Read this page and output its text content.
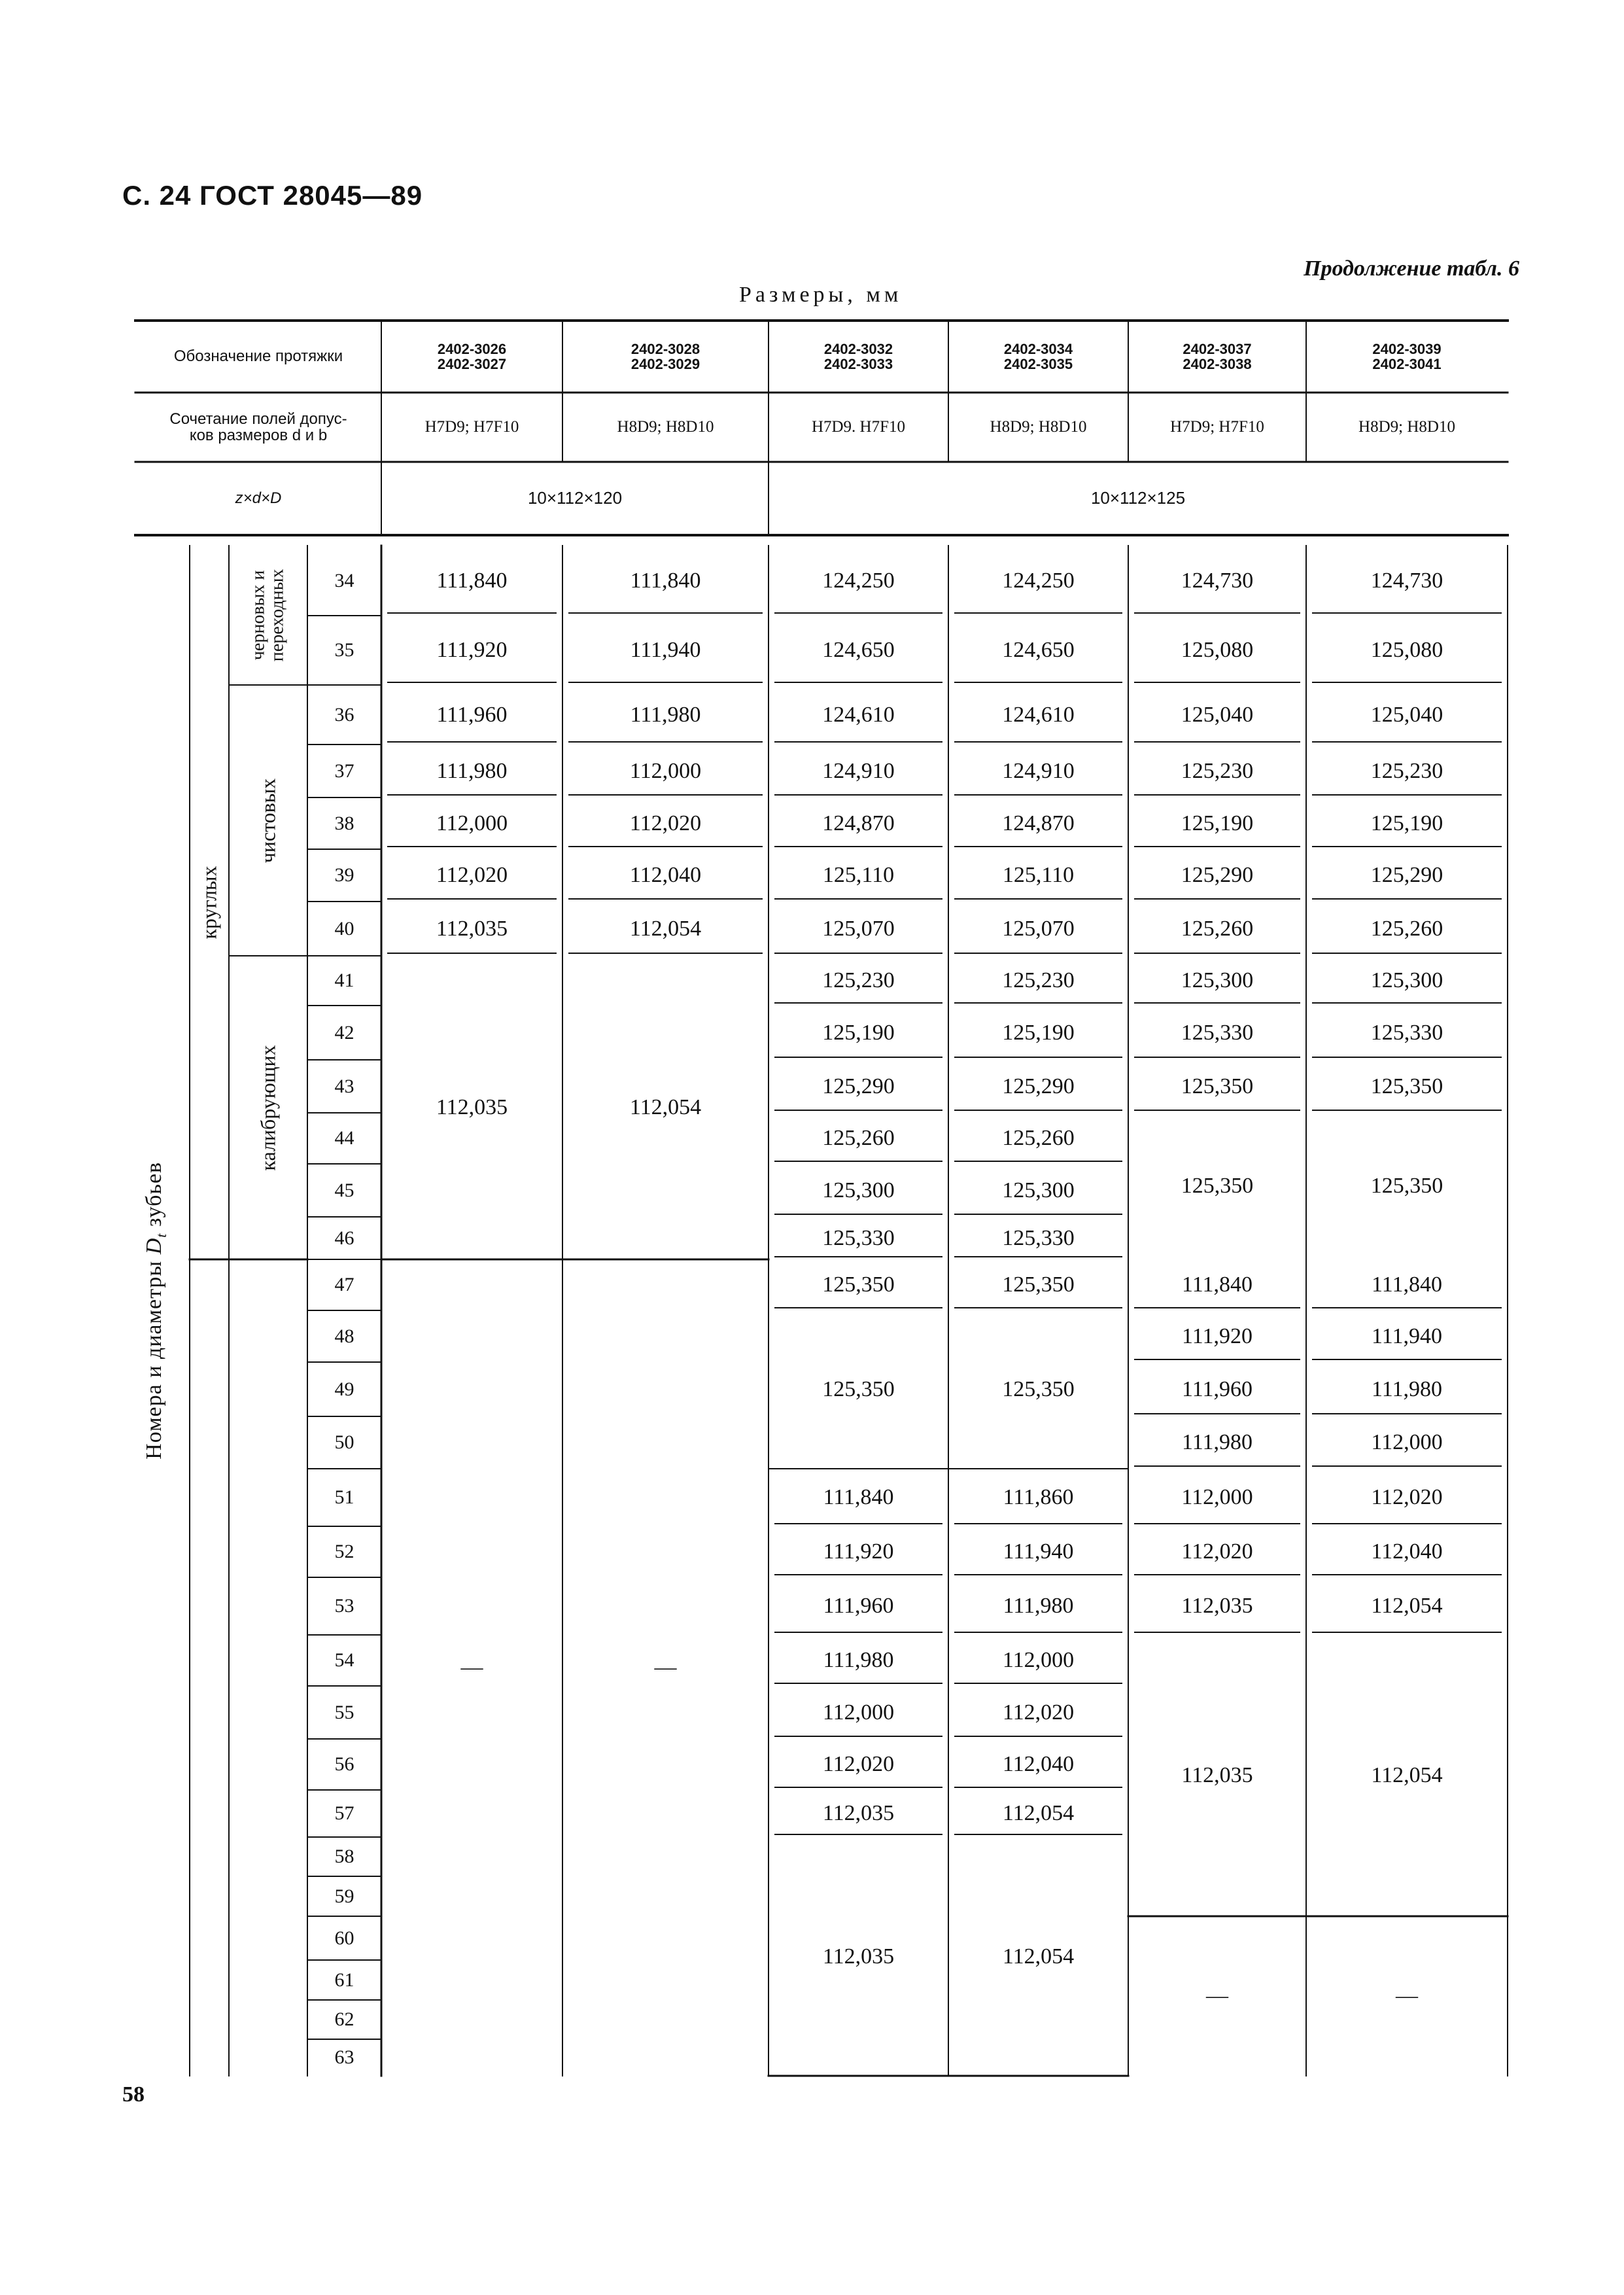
С. 24 ГОСТ 28045—89
Продолжение табл. 6
Размеры, мм
58
Обозначение протяжки
Сочетание полей допус-
ков размеров d и b
z×d×D
2402-3026
2402-3027
H7D9; H7F10
2402-3028
2402-3029
H8D9; H8D10
2402-3032
2402-3033
H7D9. H7F10
2402-3034
2402-3035
H8D9; H8D10
2402-3037
2402-3038
H7D9; H7F10
2402-3039
2402-3041
H8D9; H8D10
10×112×120	10×112×125
Номера и диаметры $D_t$ зубьев
круглых
черновых и
переходных
чистовых
калибрующих
34
35
36
37
38
39
40
41
42
43
44
45
46
47
48
49
50
51
52
53
54
55
56
57
58
59
60
61
62
63
111,840
111,920
111,960
111,980
112,000
112,020
112,035
112,035
—
111,840
111,940
111,980
112,000
112,020
112,040
112,054
112,054
—
124,250
124,650
124,610
124,910
124,870
125,110
125,070
125,230
125,190
125,290
125,260
125,300
125,330
125,350
125,350
111,840
111,920
111,960
111,980
112,000
112,020
112,035
112,035
124,250
124,650
124,610
124,910
124,870
125,110
125,070
125,230
125,190
125,290
125,260
125,300
125,330
125,350
125,350
111,860
111,940
111,980
112,000
112,020
112,040
112,054
112,054
124,730
125,080
125,040
125,230
125,190
125,290
125,260
125,300
125,330
125,350
125,350
111,840
111,920
111,960
111,980
112,000
112,020
112,035
112,035
—
124,730
125,080
125,040
125,230
125,190
125,290
125,260
125,300
125,330
125,350
125,350
111,840
111,940
111,980
112,000
112,020
112,040
112,054
112,054
—
